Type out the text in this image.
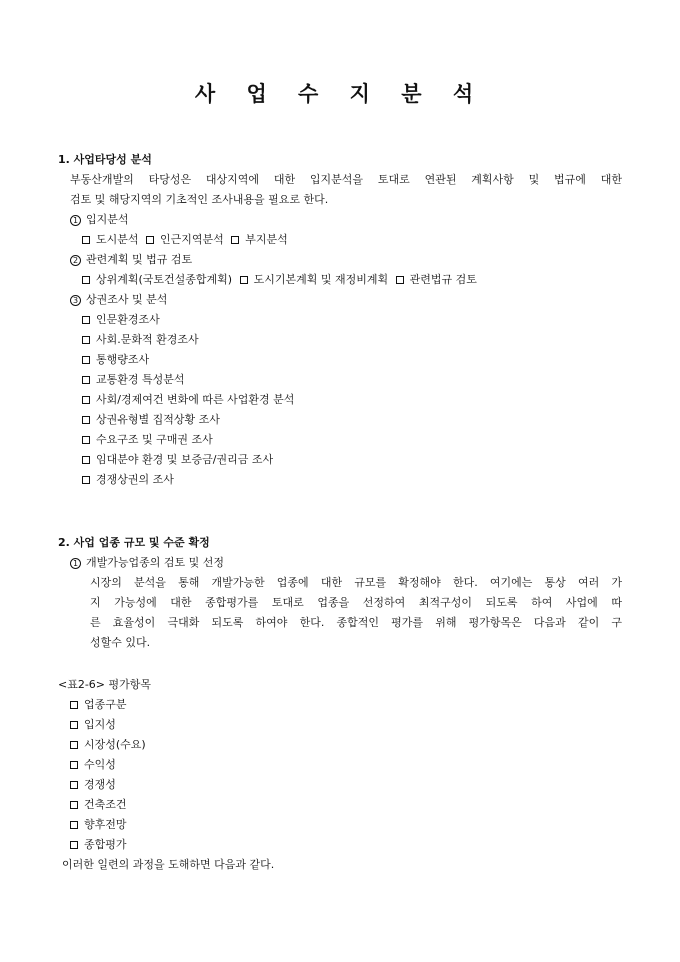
사 업 수 지 분 석
1. 사업타당성 분석
부동산개발의 타당성은 대상지역에 대한 입지분석을 토대로 연관된 계획사항 및 법규에 대한
검토 및 해당지역의 기초적인 조사내용을 필요로 한다.
1 입지분석
도시분석 인근지역분석 부지분석
2 관련계획 및 법규 검토
상위계획(국토건설종합계획) 도시기본계획 및 재정비계획 관련법규 검토
3 상권조사 및 분석
인문환경조사
사회.문화적 환경조사
통행량조사
교통환경 특성분석
사회/경제여건 변화에 따른 사업환경 분석
상권유형별 집적상황 조사
수요구조 및 구매권 조사
임대분야 환경 및 보증금/권리금 조사
경쟁상권의 조사
2. 사업 업종 규모 및 수준 확정
1 개발가능업종의 검토 및 선정
시장의 분석을 통해 개발가능한 업종에 대한 규모를 확정해야 한다. 여기에는 통상 여러 가
지 가능성에 대한 종합평가를 토대로 업종을 선정하여 최적구성이 되도록 하여 사업에 따
른 효율성이 극대화 되도록 하여야 한다. 종합적인 평가를 위해 평가항목은 다음과 같이 구
성할수 있다.
<표2-6> 평가항목
업종구분
입지성
시장성(수요)
수익성
경쟁성
건축조건
향후전망
종합평가
이러한 일련의 과정을 도해하면 다음과 같다.
